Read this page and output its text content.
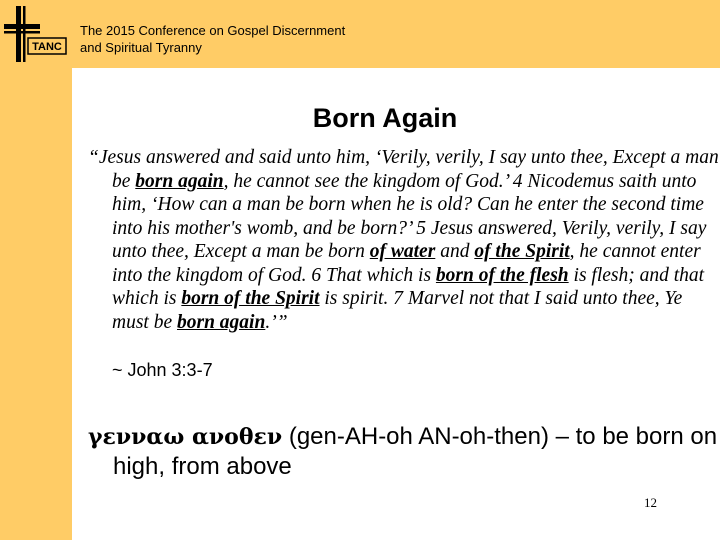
TANC
The 2015 Conference on Gospel Discernment
and Spiritual Tyranny
Born Again
“Jesus answered and said unto him, ‘Verily, verily, I say unto thee, Except a man be born again, he cannot see the kingdom of God.’ 4 Nicodemus saith unto him, ‘How can a man be born when he is old? Can he enter the second time into his mother's womb, and be born?’ 5 Jesus answered, Verily, verily, I say unto thee, Except a man be born of water and of the Spirit, he cannot enter into the kingdom of God. 6 That which is born of the flesh is flesh; and that which is born of the Spirit is spirit. 7 Marvel not that I said unto thee, Ye must be born again.’”
~ John 3:3-7
γενναω ανοθεν (gen-AH-oh AN-oh-then) – to be born on high, from above
12
